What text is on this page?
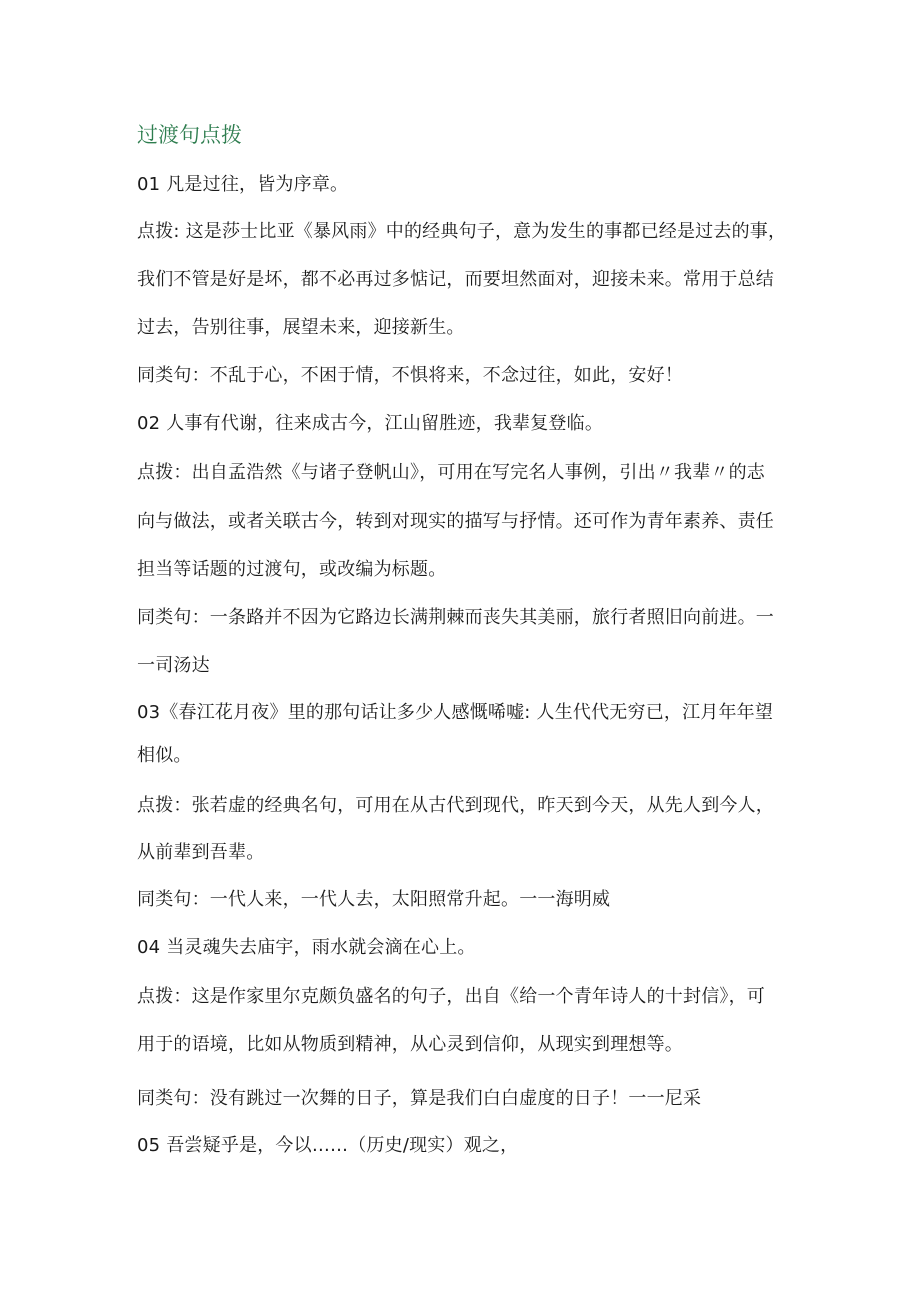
过渡句点拨
01 凡是过往，皆为序章。
点拨: 这是莎士比亚《暴风雨》中的经典句子，意为发生的事都已经是过去的事，
我们不管是好是坏，都不必再过多惦记，而要坦然面对，迎接未来。常用于总结
过去，告别往事，展望未来，迎接新生。
同类句：不乱于心，不困于情，不惧将来，不念过往，如此，安好！
02 人事有代谢，往来成古今，江山留胜迹，我辈复登临。
点拨：出自孟浩然《与诸子登帆山》，可用在写完名人事例，引出〃我辈〃的志
向与做法，或者关联古今，转到对现实的描写与抒情。还可作为青年素养、责任
担当等话题的过渡句，或改编为标题。
同类句：一条路并不因为它路边长满荆棘而丧失其美丽，旅行者照旧向前进。一
一司汤达
03《春江花月夜》里的那句话让多少人感慨唏嘘: 人生代代无穷已，江月年年望
相似。
点拨：张若虚的经典名句，可用在从古代到现代，昨天到今天，从先人到今人，
从前辈到吾辈。
同类句：一代人来，一代人去，太阳照常升起。一一海明威
04 当灵魂失去庙宇，雨水就会滴在心上。
点拨：这是作家里尔克颇负盛名的句子，出自《给一个青年诗人的十封信》，可
用于的语境，比如从物质到精神，从心灵到信仰，从现实到理想等。
同类句：没有跳过一次舞的日子，算是我们白白虚度的日子！一一尼采
05 吾尝疑乎是，今以……（历史/现实）观之，
